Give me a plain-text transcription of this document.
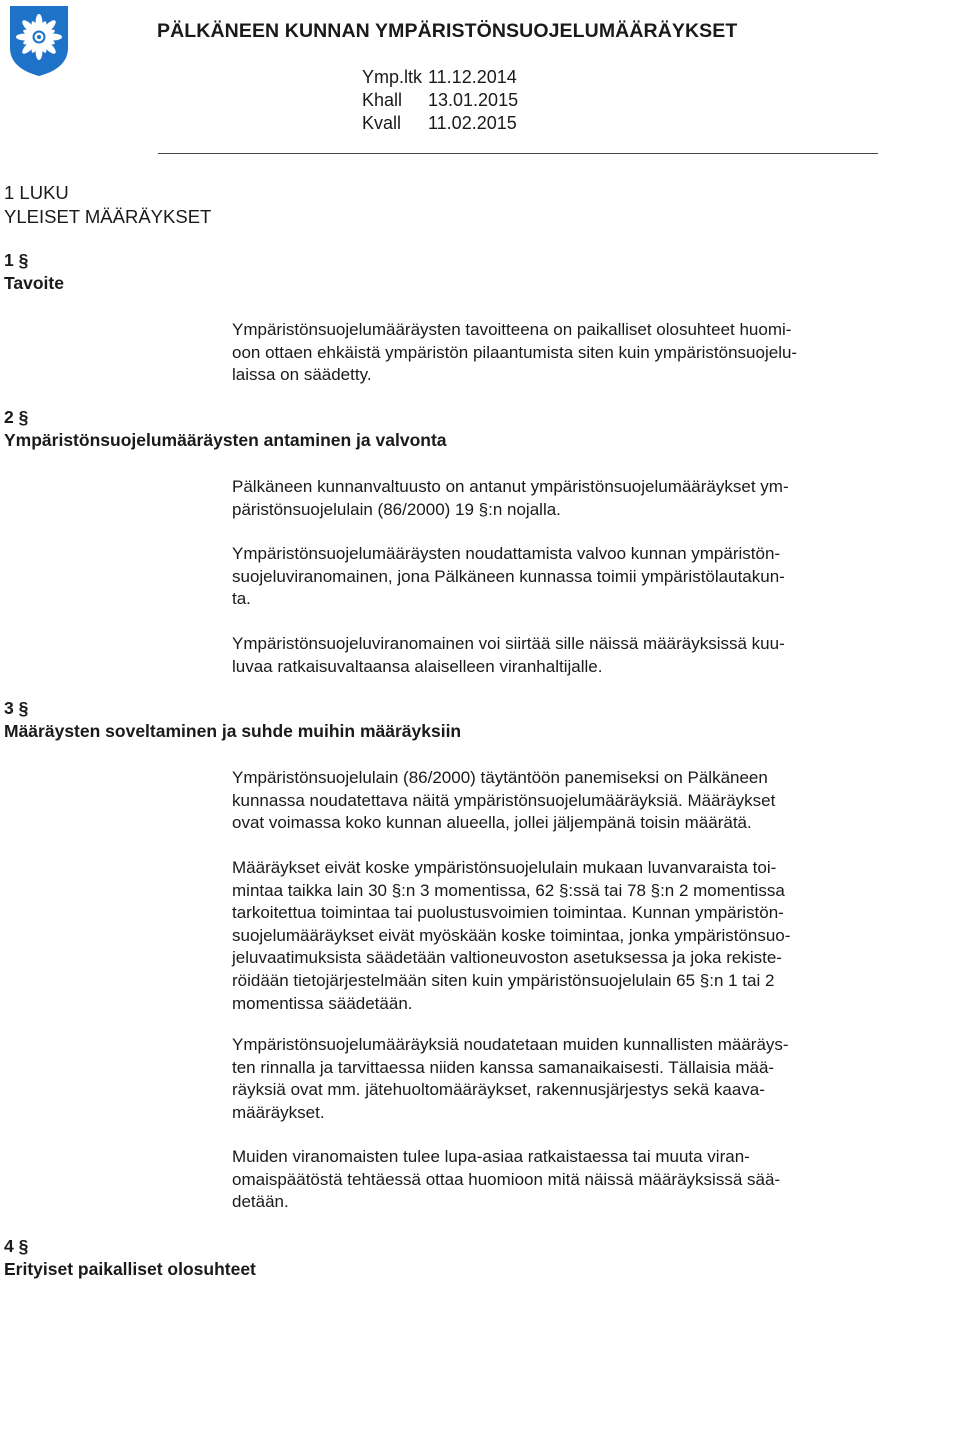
PÄLKÄNEEN KUNNAN YMPÄRISTÖNSUOJELUMÄÄRÄYKSET
Ymp.ltk 11.12.2014
Khall	13.01.2015
Kvall	11.02.2015
1 LUKU
YLEISET MÄÄRÄYKSET
1 §
Tavoite

Ympäristönsuojelumääräysten tavoitteena on paikalliset olosuhteet huomi-
oon ottaen ehkäistä ympäristön pilaantumista siten kuin ympäristönsuojelu-
laissa on säädetty.

2 §
Ympäristönsuojelumääräysten antaminen ja valvonta

Pälkäneen kunnanvaltuusto on antanut ympäristönsuojelumääräykset ym-
päristönsuojelulain (86/2000) 19 §:n nojalla.

Ympäristönsuojelumääräysten noudattamista valvoo kunnan ympäristön-
suojeluviranomainen, jona Pälkäneen kunnassa toimii ympäristölautakun-
ta.

Ympäristönsuojeluviranomainen voi siirtää sille näissä määräyksissä kuu-
luvaa ratkaisuvaltaansa alaiselleen viranhaltijalle.

3 §
Määräysten soveltaminen ja suhde muihin määräyksiin

Ympäristönsuojelulain (86/2000) täytäntöön panemiseksi on Pälkäneen
kunnassa noudatettava näitä ympäristönsuojelumääräyksiä. Määräykset
ovat voimassa koko kunnan alueella, jollei jäljempänä toisin määrätä.

Määräykset eivät koske ympäristönsuojelulain mukaan luvanvaraista toi-
mintaa taikka lain 30 §:n 3 momentissa, 62 §:ssä tai 78 §:n 2 momentissa
tarkoitettua toimintaa tai puolustusvoimien toimintaa. Kunnan ympäristön-
suojelumääräykset eivät myöskään koske toimintaa, jonka ympäristönsuo-
jeluvaatimuksista säädetään valtioneuvoston asetuksessa ja joka rekiste-
röidään tietojärjestelmään siten kuin ympäristönsuojelulain 65 §:n 1 tai 2
momentissa säädetään.

Ympäristönsuojelumääräyksiä noudatetaan muiden kunnallisten määräys-
ten rinnalla ja tarvittaessa niiden kanssa samanaikaisesti. Tällaisia mää-
räyksiä ovat mm. jätehuoltomääräykset, rakennusjärjestys sekä kaava-
määräykset.

Muiden viranomaisten tulee lupa-asiaa ratkaistaessa tai muuta viran-
omaispäätöstä tehtäessä ottaa huomioon mitä näissä määräyksissä sää-
detään.

4 §
Erityiset paikalliset olosuhteet
